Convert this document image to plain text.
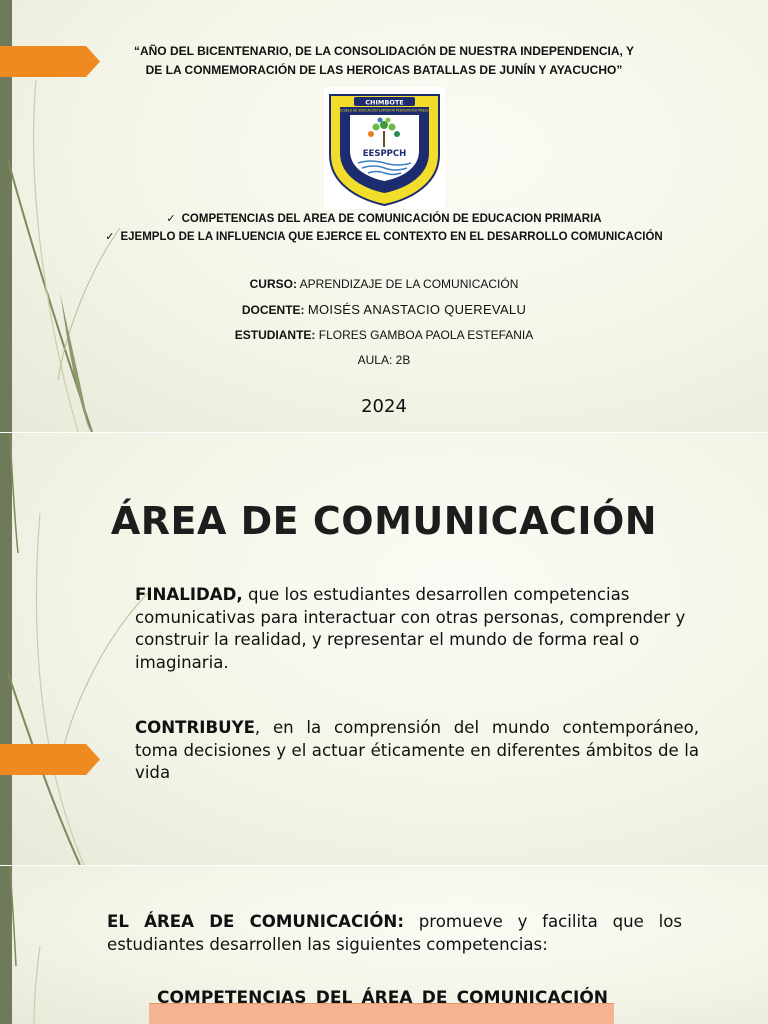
“AÑO DEL BICENTENARIO, DE LA CONSOLIDACIÓN DE NUESTRA INDEPENDENCIA, Y
DE LA CONMEMORACIÓN DE LAS HEROICAS BATALLAS DE JUNÍN Y AYACUCHO”
CHIMBOTE
ESCUELA DE EDUCACIÓN SUPERIOR PEDAGÓGICA PÚBLICA
EESPPCH
✓ COMPETENCIAS DEL AREA DE COMUNICACIÓN DE EDUCACION PRIMARIA
✓ EJEMPLO DE LA INFLUENCIA QUE EJERCE EL CONTEXTO EN EL DESARROLLO COMUNICACIÓN
CURSO: APRENDIZAJE DE LA COMUNICACIÓN
DOCENTE: MOISÉS ANASTACIO QUEREVALU
ESTUDIANTE: FLORES GAMBOA PAOLA ESTEFANIA
AULA: 2B
2024
ÁREA DE COMUNICACIÓN
FINALIDAD, que los estudiantes desarrollen competencias comunicativas para interactuar con otras personas, comprender y construir la realidad, y representar el mundo de forma real o imaginaria.
CONTRIBUYE, en la comprensión del mundo contemporáneo, toma decisiones y el actuar éticamente en diferentes ámbitos de la vida
EL ÁREA DE COMUNICACIÓN: promueve y facilita que los estudiantes desarrollen las siguientes competencias:
COMPETENCIAS DEL ÁREA DE COMUNICACIÓN
